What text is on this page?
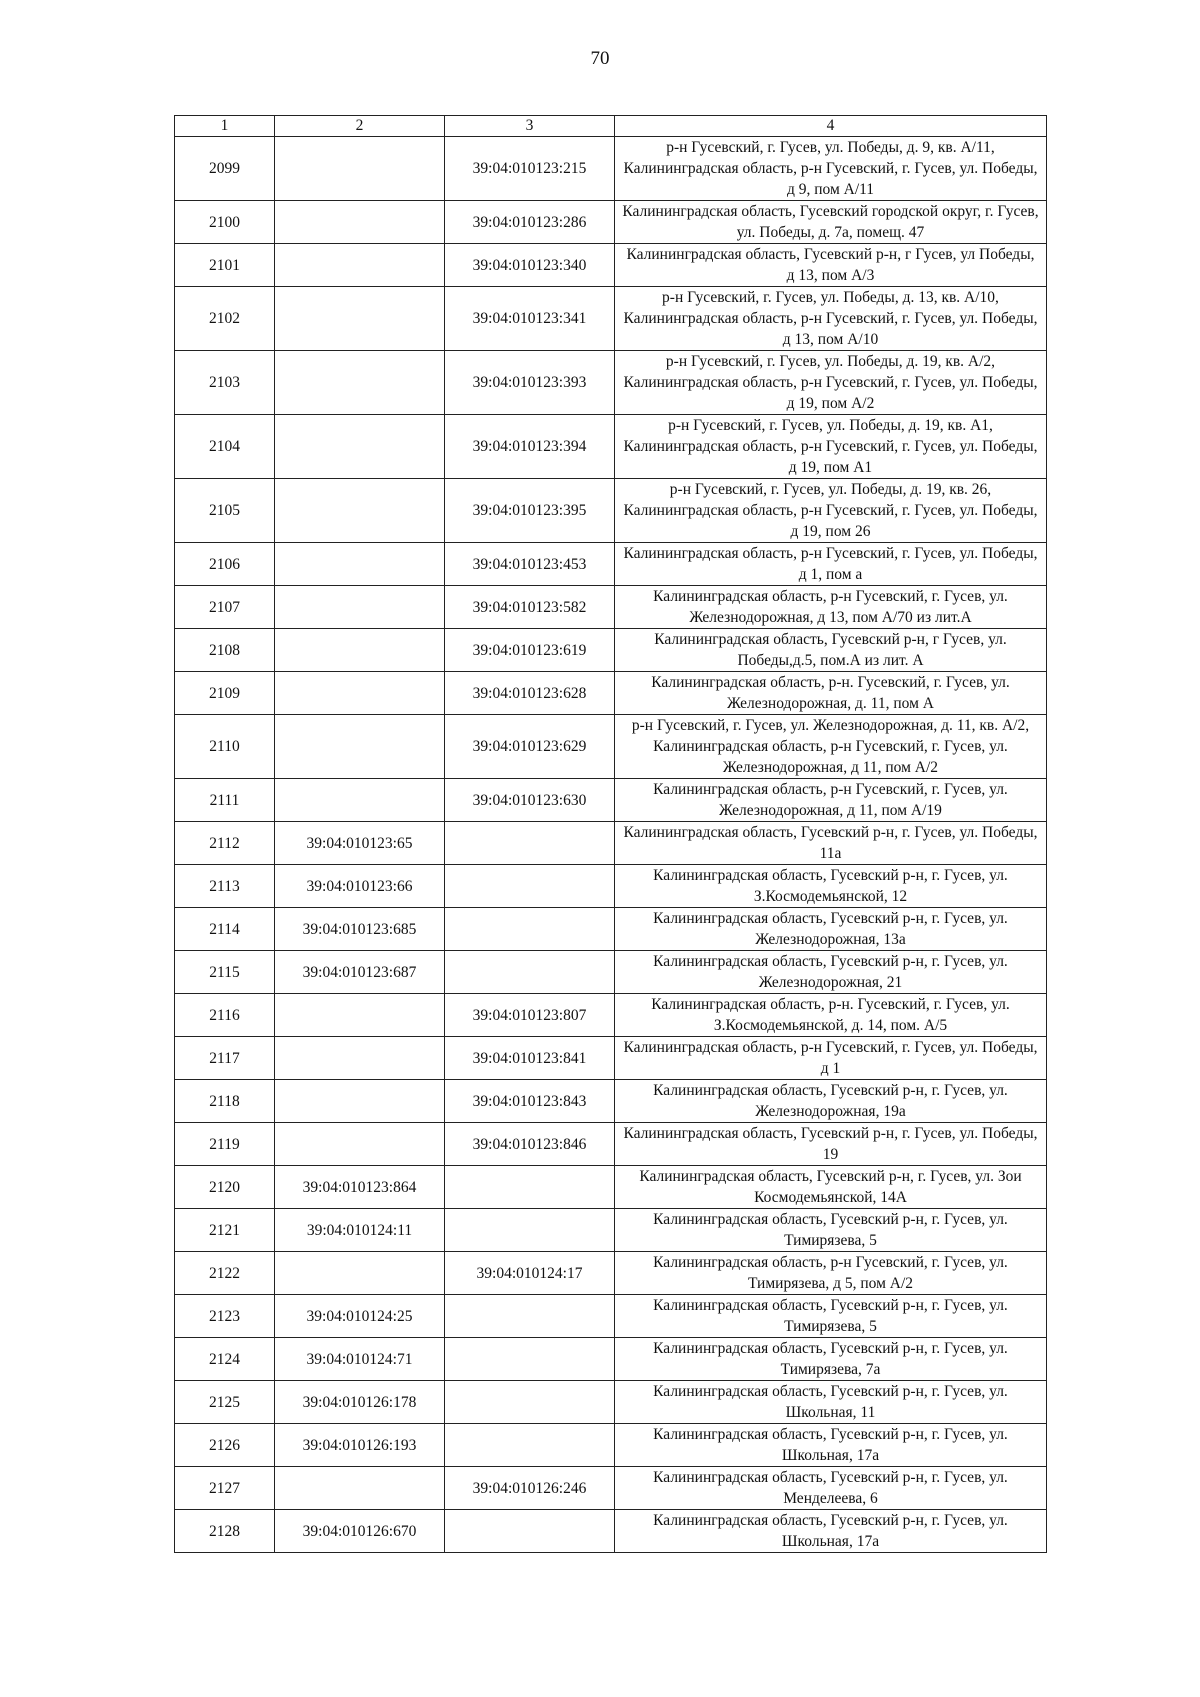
70
1	2	3	4
2099		39:04:010123:215	р-н Гусевский, г. Гусев, ул. Победы, д. 9, кв. А/11, Калининградская область, р-н Гусевский, г. Гусев, ул. Победы, д 9, пом А/11
2100		39:04:010123:286	Калининградская область, Гусевский городской округ, г. Гусев, ул. Победы, д. 7а, помещ. 47
2101		39:04:010123:340	Калининградская область, Гусевский р-н, г Гусев, ул Победы, д 13, пом А/3
2102		39:04:010123:341	р-н Гусевский, г. Гусев, ул. Победы, д. 13, кв. А/10, Калининградская область, р-н Гусевский, г. Гусев, ул. Победы, д 13, пом А/10
2103		39:04:010123:393	р-н Гусевский, г. Гусев, ул. Победы, д. 19, кв. А/2, Калининградская область, р-н Гусевский, г. Гусев, ул. Победы, д 19, пом А/2
2104		39:04:010123:394	р-н Гусевский, г. Гусев, ул. Победы, д. 19, кв. А1, Калининградская область, р-н Гусевский, г. Гусев, ул. Победы, д 19, пом А1
2105		39:04:010123:395	р-н Гусевский, г. Гусев, ул. Победы, д. 19, кв. 26, Калининградская область, р-н Гусевский, г. Гусев, ул. Победы, д 19, пом 26
2106		39:04:010123:453	Калининградская область, р-н Гусевский, г. Гусев, ул. Победы, д 1, пом а
2107		39:04:010123:582	Калининградская область, р-н Гусевский, г. Гусев, ул. Железнодорожная, д 13, пом А/70 из лит.А
2108		39:04:010123:619	Калининградская область, Гусевский р-н, г Гусев, ул. Победы,д.5, пом.А из лит. А
2109		39:04:010123:628	Калининградская область, р-н. Гусевский, г. Гусев, ул. Железнодорожная, д. 11, пом А
2110		39:04:010123:629	р-н Гусевский, г. Гусев, ул. Железнодорожная, д. 11, кв. А/2, Калининградская область, р-н Гусевский, г. Гусев, ул. Железнодорожная, д 11, пом А/2
2111		39:04:010123:630	Калининградская область, р-н Гусевский, г. Гусев, ул. Железнодорожная, д 11, пом А/19
2112	39:04:010123:65		Калининградская область, Гусевский р-н, г. Гусев, ул. Победы, 11а
2113	39:04:010123:66		Калининградская область, Гусевский р-н, г. Гусев, ул. З.Космодемьянской, 12
2114	39:04:010123:685		Калининградская область, Гусевский р-н, г. Гусев, ул. Железнодорожная, 13а
2115	39:04:010123:687		Калининградская область, Гусевский р-н, г. Гусев, ул. Железнодорожная, 21
2116		39:04:010123:807	Калининградская область, р-н. Гусевский, г. Гусев, ул. З.Космодемьянской, д. 14, пом. А/5
2117		39:04:010123:841	Калининградская область, р-н Гусевский, г. Гусев, ул. Победы, д 1
2118		39:04:010123:843	Калининградская область, Гусевский р-н, г. Гусев, ул. Железнодорожная, 19а
2119		39:04:010123:846	Калининградская область, Гусевский р-н, г. Гусев, ул. Победы, 19
2120	39:04:010123:864		Калининградская область, Гусевский р-н, г. Гусев, ул. Зои Космодемьянской, 14А
2121	39:04:010124:11		Калининградская область, Гусевский р-н, г. Гусев, ул. Тимирязева, 5
2122		39:04:010124:17	Калининградская область, р-н Гусевский, г. Гусев, ул. Тимирязева, д 5, пом А/2
2123	39:04:010124:25		Калининградская область, Гусевский р-н, г. Гусев, ул. Тимирязева, 5
2124	39:04:010124:71		Калининградская область, Гусевский р-н, г. Гусев, ул. Тимирязева, 7а
2125	39:04:010126:178		Калининградская область, Гусевский р-н, г. Гусев, ул. Школьная, 11
2126	39:04:010126:193		Калининградская область, Гусевский р-н, г. Гусев, ул. Школьная, 17а
2127		39:04:010126:246	Калининградская область, Гусевский р-н, г. Гусев, ул. Менделеева, 6
2128	39:04:010126:670		Калининградская область, Гусевский р-н, г. Гусев, ул. Школьная, 17а
